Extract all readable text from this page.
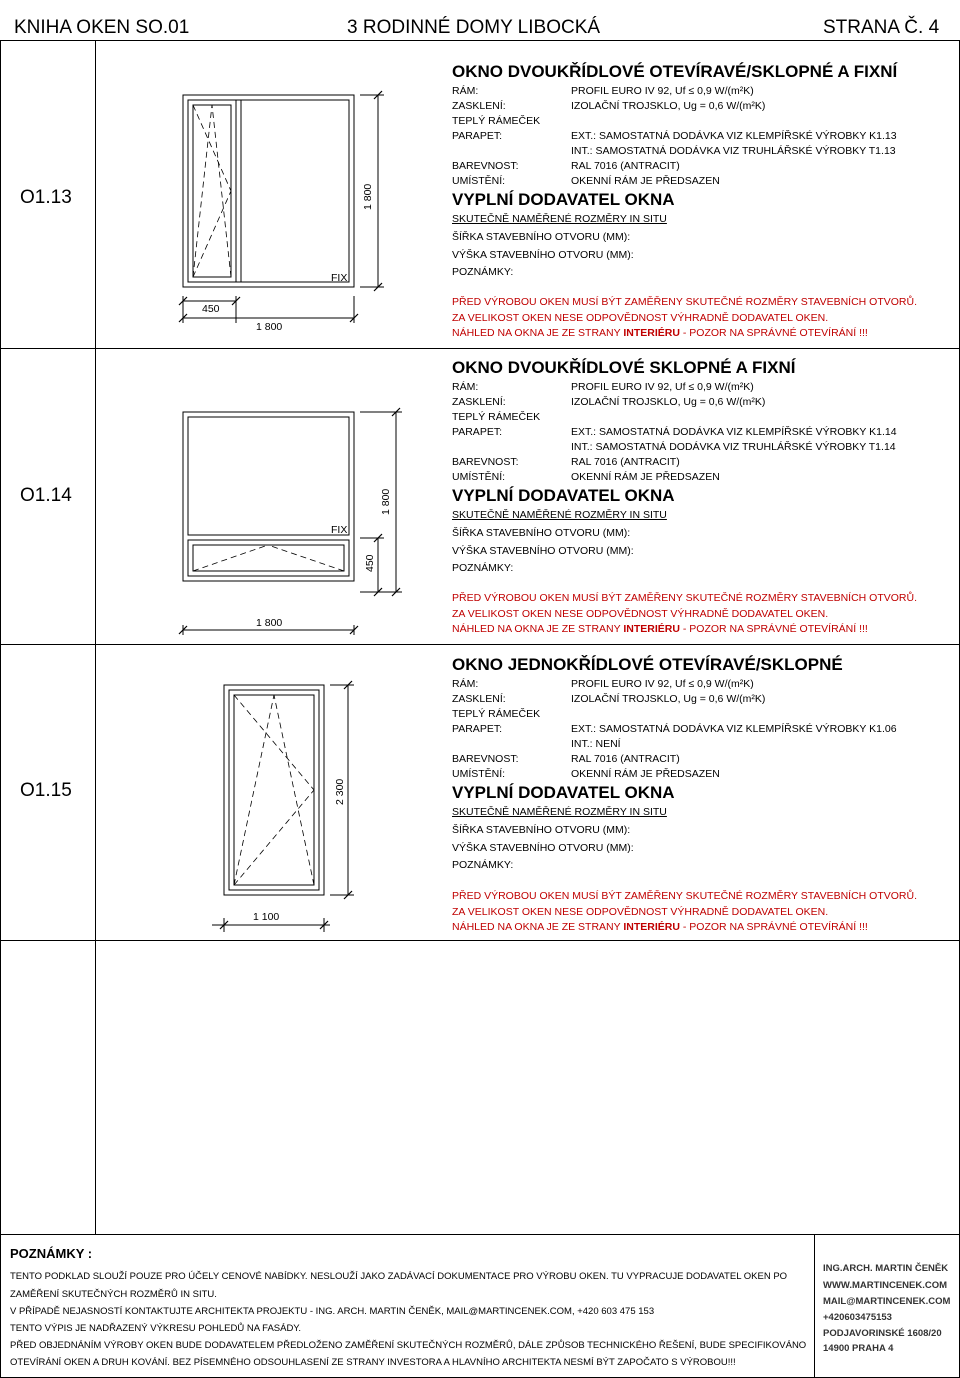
KNIHA OKEN SO.01	3 RODINNÉ DOMY LIBOCKÁ	STRANA Č. 4
O1.13
FIX
450
1 800
1 800
OKNO DVOUKŘÍDLOVÉ OTEVÍRAVÉ/SKLOPNÉ A FIXNÍ
RÁM:	PROFIL EURO IV 92, Uf ≤ 0,9 W/(m²K)
ZASKLENÍ:	IZOLAČNÍ TROJSKLO, Ug = 0,6 W/(m²K)
TEPLÝ RÁMEČEK
PARAPET:	EXT.: SAMOSTATNÁ DODÁVKA VIZ KLEMPÍŘSKÉ VÝROBKY K1.13
INT.: SAMOSTATNÁ DODÁVKA VIZ TRUHLÁŘSKÉ VÝROBKY T1.13
BAREVNOST:	RAL 7016 (ANTRACIT)
UMÍSTĚNÍ:	OKENNÍ RÁM JE PŘEDSAZEN
VYPLNÍ DODAVATEL OKNA
SKUTEČNĚ NAMĚŘENÉ ROZMĚRY IN SITU
ŠÍŘKA STAVEBNÍHO OTVORU (MM):
VÝŠKA STAVEBNÍHO OTVORU (MM):
POZNÁMKY:
PŘED VÝROBOU OKEN MUSÍ BÝT ZAMĚŘENY SKUTEČNÉ ROZMĚRY STAVEBNÍCH OTVORŮ.
ZA VELIKOST OKEN NESE ODPOVĚDNOST VÝHRADNĚ DODAVATEL OKEN.
NÁHLED NA OKNA JE ZE STRANY INTERIÉRU - POZOR NA SPRÁVNÉ OTEVÍRÁNÍ !!!
O1.14
FIX
1 800
1 800
450
OKNO DVOUKŘÍDLOVÉ SKLOPNÉ A FIXNÍ
RÁM:	PROFIL EURO IV 92, Uf ≤ 0,9 W/(m²K)
ZASKLENÍ:	IZOLAČNÍ TROJSKLO, Ug = 0,6 W/(m²K)
TEPLÝ RÁMEČEK
PARAPET:	EXT.: SAMOSTATNÁ DODÁVKA VIZ KLEMPÍŘSKÉ VÝROBKY K1.14
INT.: SAMOSTATNÁ DODÁVKA VIZ TRUHLÁŘSKÉ VÝROBKY T1.14
BAREVNOST:	RAL 7016 (ANTRACIT)
UMÍSTĚNÍ:	OKENNÍ RÁM JE PŘEDSAZEN
VYPLNÍ DODAVATEL OKNA
SKUTEČNĚ NAMĚŘENÉ ROZMĚRY IN SITU
ŠÍŘKA STAVEBNÍHO OTVORU (MM):
VÝŠKA STAVEBNÍHO OTVORU (MM):
POZNÁMKY:
PŘED VÝROBOU OKEN MUSÍ BÝT ZAMĚŘENY SKUTEČNÉ ROZMĚRY STAVEBNÍCH OTVORŮ.
ZA VELIKOST OKEN NESE ODPOVĚDNOST VÝHRADNĚ DODAVATEL OKEN.
NÁHLED NA OKNA JE ZE STRANY INTERIÉRU - POZOR NA SPRÁVNÉ OTEVÍRÁNÍ !!!
O1.15
1 100
2 300
OKNO JEDNOKŘÍDLOVÉ OTEVÍRAVÉ/SKLOPNÉ
RÁM:	PROFIL EURO IV 92, Uf ≤ 0,9 W/(m²K)
ZASKLENÍ:	IZOLAČNÍ TROJSKLO, Ug = 0,6 W/(m²K)
TEPLÝ RÁMEČEK
PARAPET:	EXT.: SAMOSTATNÁ DODÁVKA VIZ KLEMPÍŘSKÉ VÝROBKY K1.06
INT.: NENÍ
BAREVNOST:	RAL 7016 (ANTRACIT)
UMÍSTĚNÍ:	OKENNÍ RÁM JE PŘEDSAZEN
VYPLNÍ DODAVATEL OKNA
SKUTEČNĚ NAMĚŘENÉ ROZMĚRY IN SITU
ŠÍŘKA STAVEBNÍHO OTVORU (MM):
VÝŠKA STAVEBNÍHO OTVORU (MM):
POZNÁMKY:
PŘED VÝROBOU OKEN MUSÍ BÝT ZAMĚŘENY SKUTEČNÉ ROZMĚRY STAVEBNÍCH OTVORŮ.
ZA VELIKOST OKEN NESE ODPOVĚDNOST VÝHRADNĚ DODAVATEL OKEN.
NÁHLED NA OKNA JE ZE STRANY INTERIÉRU - POZOR NA SPRÁVNÉ OTEVÍRÁNÍ !!!
POZNÁMKY :
TENTO PODKLAD SLOUŽÍ POUZE PRO ÚČELY CENOVÉ NABÍDKY. NESLOUŽÍ JAKO ZADÁVACÍ DOKUMENTACE PRO VÝROBU OKEN. TU VYPRACUJE DODAVATEL OKEN PO
ZAMĚŘENÍ SKUTEČNÝCH ROZMĚRŮ IN SITU.
V PŘÍPADĚ NEJASNOSTÍ KONTAKTUJTE ARCHITEKTA PROJEKTU - ING. ARCH. MARTIN ČENĚK, MAIL@MARTINCENEK.COM, +420 603 475 153
TENTO VÝPIS JE NADŘAZENÝ VÝKRESU POHLEDŮ NA FASÁDY.
PŘED OBJEDNÁNÍM VÝROBY OKEN BUDE DODAVATELEM PŘEDLOŽENO ZAMĚŘENÍ SKUTEČNÝCH ROZMĚRŮ, DÁLE ZPŮSOB TECHNICKÉHO ŘEŠENÍ, BUDE SPECIFIKOVÁNO
OTEVÍRÁNÍ OKEN A DRUH KOVÁNÍ. BEZ PÍSEMNÉHO ODSOUHLASENÍ ZE STRANY INVESTORA A HLAVNÍHO ARCHITEKTA NESMÍ BÝT ZAPOČATO S VÝROBOU!!!
ING.ARCH. MARTIN ČENĚK
WWW.MARTINCENEK.COM
MAIL@MARTINCENEK.COM
+420603475153
PODJAVORINSKÉ 1608/20
14900 PRAHA 4
